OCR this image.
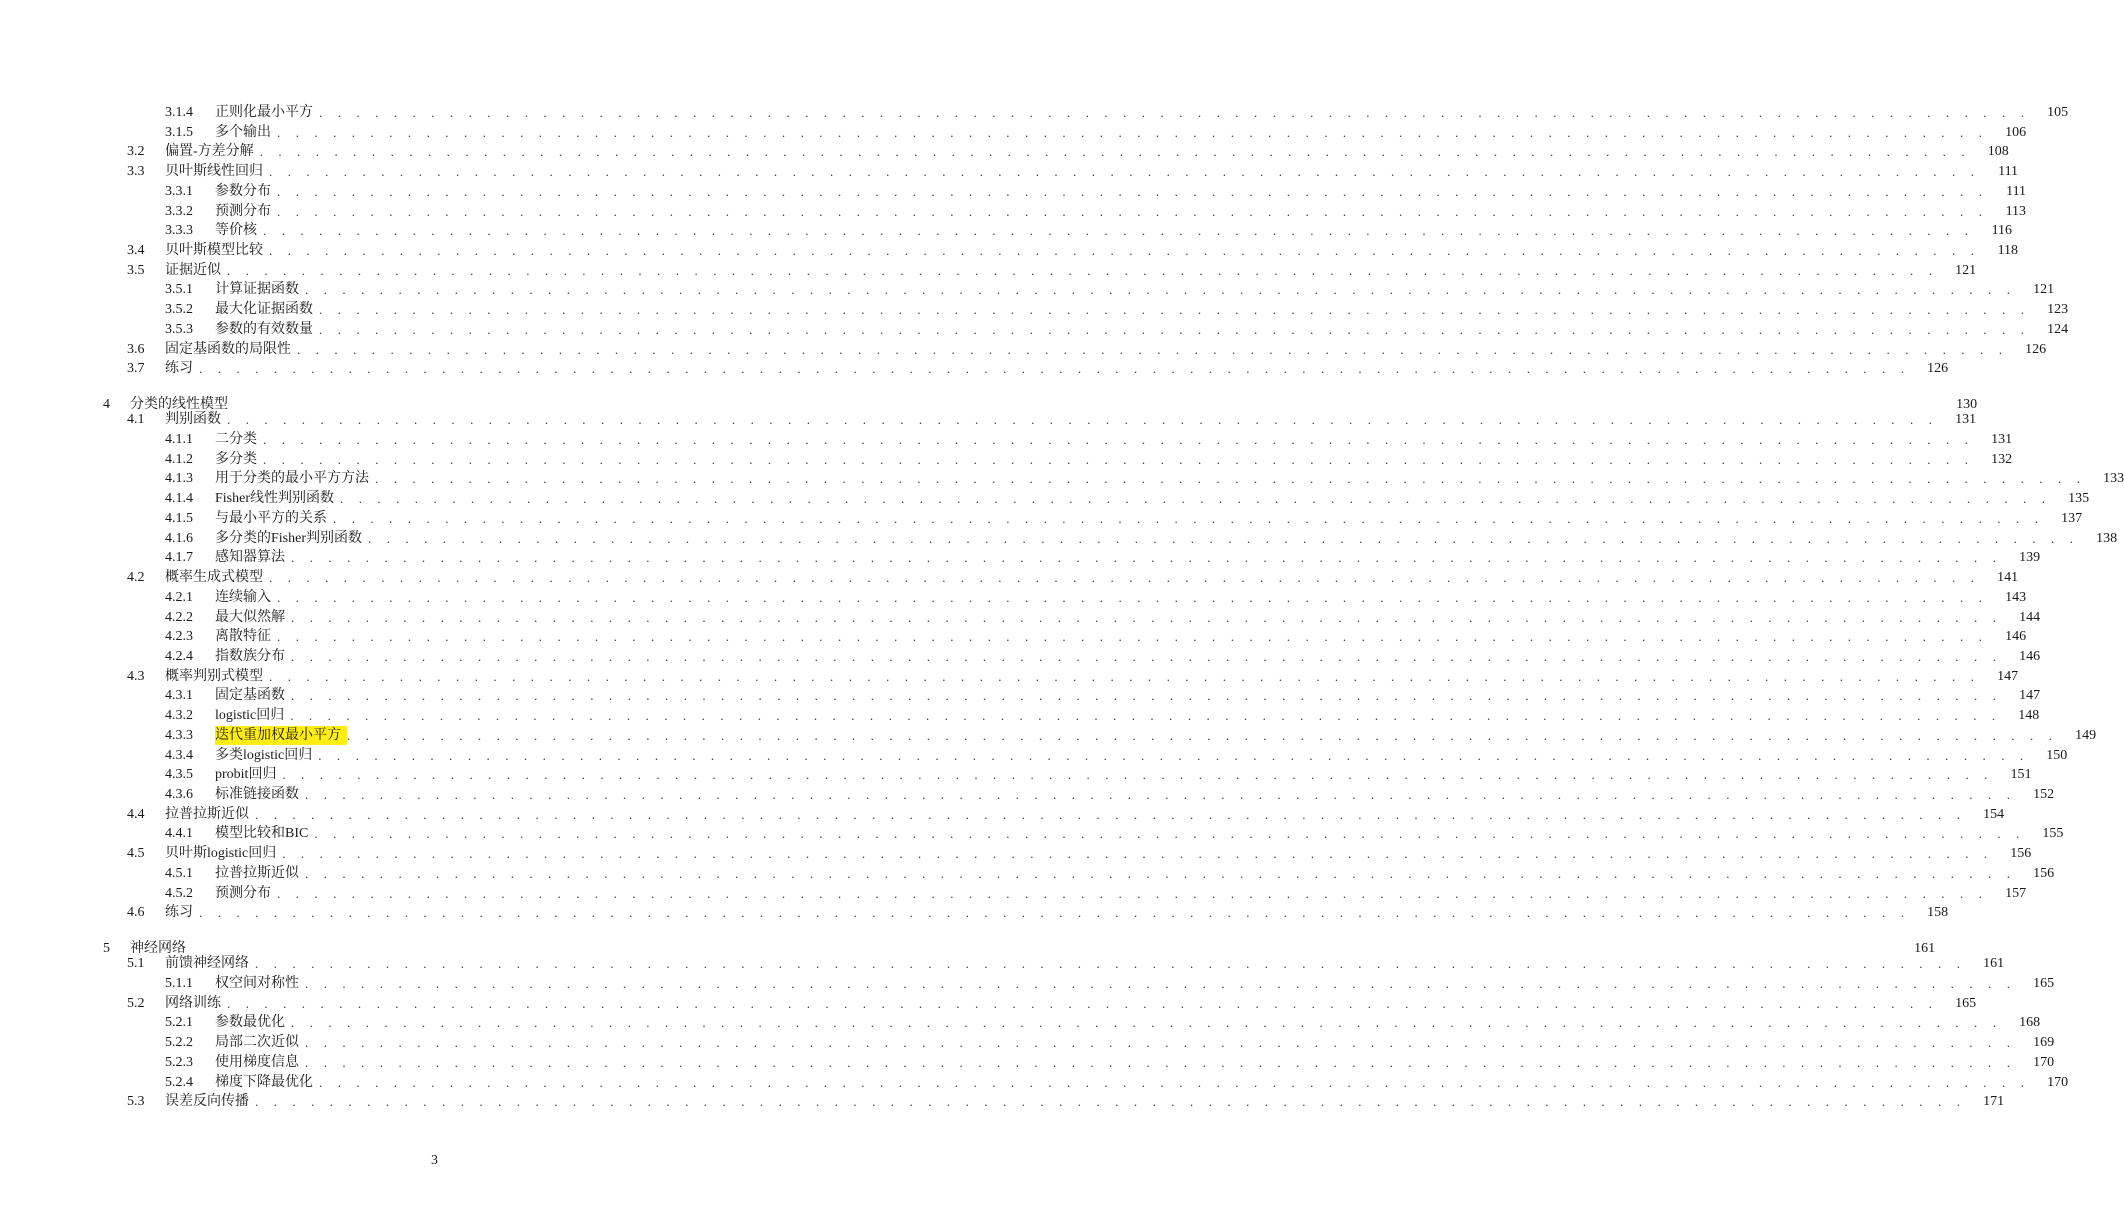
3.1.4	正则化最小平方 . . . . . . . . . . . . . . . . . . . . . . . . . . . . . . . . . . . . . . . . . . . . . . . . . . . . . . . . . . . . . . . . . . . . . . . . . . . . . . . . . . . . . . . . . . . .	105
3.1.5	多个输出 . . . . . . . . . . . . . . . . . . . . . . . . . . . . . . . . . . . . . . . . . . . . . . . . . . . . . . . . . . . . . . . . . . . . . . . . . . . . . . . . . . . . . . . . . . . .	106
3.2	偏置-方差分解 . . . . . . . . . . . . . . . . . . . . . . . . . . . . . . . . . . . . . . . . . . . . . . . . . . . . . . . . . . . . . . . . . . . . . . . . . . . . . . . . . . . . . . . . . . . .	108
3.3	贝叶斯线性回归 . . . . . . . . . . . . . . . . . . . . . . . . . . . . . . . . . . . . . . . . . . . . . . . . . . . . . . . . . . . . . . . . . . . . . . . . . . . . . . . . . . . . . . . . . . . .	111
3.3.1	参数分布 . . . . . . . . . . . . . . . . . . . . . . . . . . . . . . . . . . . . . . . . . . . . . . . . . . . . . . . . . . . . . . . . . . . . . . . . . . . . . . . . . . . . . . . . . . . .	111
3.3.2	预测分布 . . . . . . . . . . . . . . . . . . . . . . . . . . . . . . . . . . . . . . . . . . . . . . . . . . . . . . . . . . . . . . . . . . . . . . . . . . . . . . . . . . . . . . . . . . . .	113
3.3.3	等价核 . . . . . . . . . . . . . . . . . . . . . . . . . . . . . . . . . . . . . . . . . . . . . . . . . . . . . . . . . . . . . . . . . . . . . . . . . . . . . . . . . . . . . . . . . . . .	116
3.4	贝叶斯模型比较 . . . . . . . . . . . . . . . . . . . . . . . . . . . . . . . . . . . . . . . . . . . . . . . . . . . . . . . . . . . . . . . . . . . . . . . . . . . . . . . . . . . . . . . . . . . .	118
3.5	证据近似 . . . . . . . . . . . . . . . . . . . . . . . . . . . . . . . . . . . . . . . . . . . . . . . . . . . . . . . . . . . . . . . . . . . . . . . . . . . . . . . . . . . . . . . . . . . .	121
3.5.1	计算证据函数 . . . . . . . . . . . . . . . . . . . . . . . . . . . . . . . . . . . . . . . . . . . . . . . . . . . . . . . . . . . . . . . . . . . . . . . . . . . . . . . . . . . . . . . . . . . .	121
3.5.2	最大化证据函数 . . . . . . . . . . . . . . . . . . . . . . . . . . . . . . . . . . . . . . . . . . . . . . . . . . . . . . . . . . . . . . . . . . . . . . . . . . . . . . . . . . . . . . . . . . . .	123
3.5.3	参数的有效数量 . . . . . . . . . . . . . . . . . . . . . . . . . . . . . . . . . . . . . . . . . . . . . . . . . . . . . . . . . . . . . . . . . . . . . . . . . . . . . . . . . . . . . . . . . . . .	124
3.6	固定基函数的局限性 . . . . . . . . . . . . . . . . . . . . . . . . . . . . . . . . . . . . . . . . . . . . . . . . . . . . . . . . . . . . . . . . . . . . . . . . . . . . . . . . . . . . . . . . . . . .	126
3.7	练习 . . . . . . . . . . . . . . . . . . . . . . . . . . . . . . . . . . . . . . . . . . . . . . . . . . . . . . . . . . . . . . . . . . . . . . . . . . . . . . . . . . . . . . . . . . . .	126
4	分类的线性模型	130
4.1	判别函数 . . . . . . . . . . . . . . . . . . . . . . . . . . . . . . . . . . . . . . . . . . . . . . . . . . . . . . . . . . . . . . . . . . . . . . . . . . . . . . . . . . . . . . . . . . . .	131
4.1.1	二分类 . . . . . . . . . . . . . . . . . . . . . . . . . . . . . . . . . . . . . . . . . . . . . . . . . . . . . . . . . . . . . . . . . . . . . . . . . . . . . . . . . . . . . . . . . . . .	131
4.1.2	多分类 . . . . . . . . . . . . . . . . . . . . . . . . . . . . . . . . . . . . . . . . . . . . . . . . . . . . . . . . . . . . . . . . . . . . . . . . . . . . . . . . . . . . . . . . . . . .	132
4.1.3	用于分类的最小平方方法 . . . . . . . . . . . . . . . . . . . . . . . . . . . . . . . . . . . . . . . . . . . . . . . . . . . . . . . . . . . . . . . . . . . . . . . . . . . . . . . . . . . . . . . . . . . .	133
4.1.4	Fisher线性判别函数 . . . . . . . . . . . . . . . . . . . . . . . . . . . . . . . . . . . . . . . . . . . . . . . . . . . . . . . . . . . . . . . . . . . . . . . . . . . . . . . . . . . . . . . . . . . .	135
4.1.5	与最小平方的关系 . . . . . . . . . . . . . . . . . . . . . . . . . . . . . . . . . . . . . . . . . . . . . . . . . . . . . . . . . . . . . . . . . . . . . . . . . . . . . . . . . . . . . . . . . . . .	137
4.1.6	多分类的Fisher判别函数 . . . . . . . . . . . . . . . . . . . . . . . . . . . . . . . . . . . . . . . . . . . . . . . . . . . . . . . . . . . . . . . . . . . . . . . . . . . . . . . . . . . . . . . . . . . .	138
4.1.7	感知器算法 . . . . . . . . . . . . . . . . . . . . . . . . . . . . . . . . . . . . . . . . . . . . . . . . . . . . . . . . . . . . . . . . . . . . . . . . . . . . . . . . . . . . . . . . . . . .	139
4.2	概率生成式模型 . . . . . . . . . . . . . . . . . . . . . . . . . . . . . . . . . . . . . . . . . . . . . . . . . . . . . . . . . . . . . . . . . . . . . . . . . . . . . . . . . . . . . . . . . . . .	141
4.2.1	连续输入 . . . . . . . . . . . . . . . . . . . . . . . . . . . . . . . . . . . . . . . . . . . . . . . . . . . . . . . . . . . . . . . . . . . . . . . . . . . . . . . . . . . . . . . . . . . .	143
4.2.2	最大似然解 . . . . . . . . . . . . . . . . . . . . . . . . . . . . . . . . . . . . . . . . . . . . . . . . . . . . . . . . . . . . . . . . . . . . . . . . . . . . . . . . . . . . . . . . . . . .	144
4.2.3	离散特征 . . . . . . . . . . . . . . . . . . . . . . . . . . . . . . . . . . . . . . . . . . . . . . . . . . . . . . . . . . . . . . . . . . . . . . . . . . . . . . . . . . . . . . . . . . . .	146
4.2.4	指数族分布 . . . . . . . . . . . . . . . . . . . . . . . . . . . . . . . . . . . . . . . . . . . . . . . . . . . . . . . . . . . . . . . . . . . . . . . . . . . . . . . . . . . . . . . . . . . .	146
4.3	概率判别式模型 . . . . . . . . . . . . . . . . . . . . . . . . . . . . . . . . . . . . . . . . . . . . . . . . . . . . . . . . . . . . . . . . . . . . . . . . . . . . . . . . . . . . . . . . . . . .	147
4.3.1	固定基函数 . . . . . . . . . . . . . . . . . . . . . . . . . . . . . . . . . . . . . . . . . . . . . . . . . . . . . . . . . . . . . . . . . . . . . . . . . . . . . . . . . . . . . . . . . . . .	147
4.3.2	logistic回归 . . . . . . . . . . . . . . . . . . . . . . . . . . . . . . . . . . . . . . . . . . . . . . . . . . . . . . . . . . . . . . . . . . . . . . . . . . . . . . . . . . . . . . . . . . . .	148
4.3.3	迭代重加权最小平方 . . . . . . . . . . . . . . . . . . . . . . . . . . . . . . . . . . . . . . . . . . . . . . . . . . . . . . . . . . . . . . . . . . . . . . . . . . . . . . . . . . . . . . . . . . . .	149
4.3.4	多类logistic回归 . . . . . . . . . . . . . . . . . . . . . . . . . . . . . . . . . . . . . . . . . . . . . . . . . . . . . . . . . . . . . . . . . . . . . . . . . . . . . . . . . . . . . . . . . . . .	150
4.3.5	probit回归 . . . . . . . . . . . . . . . . . . . . . . . . . . . . . . . . . . . . . . . . . . . . . . . . . . . . . . . . . . . . . . . . . . . . . . . . . . . . . . . . . . . . . . . . . . . .	151
4.3.6	标准链接函数 . . . . . . . . . . . . . . . . . . . . . . . . . . . . . . . . . . . . . . . . . . . . . . . . . . . . . . . . . . . . . . . . . . . . . . . . . . . . . . . . . . . . . . . . . . . .	152
4.4	拉普拉斯近似 . . . . . . . . . . . . . . . . . . . . . . . . . . . . . . . . . . . . . . . . . . . . . . . . . . . . . . . . . . . . . . . . . . . . . . . . . . . . . . . . . . . . . . . . . . . .	154
4.4.1	模型比较和BIC . . . . . . . . . . . . . . . . . . . . . . . . . . . . . . . . . . . . . . . . . . . . . . . . . . . . . . . . . . . . . . . . . . . . . . . . . . . . . . . . . . . . . . . . . . . .	155
4.5	贝叶斯logistic回归 . . . . . . . . . . . . . . . . . . . . . . . . . . . . . . . . . . . . . . . . . . . . . . . . . . . . . . . . . . . . . . . . . . . . . . . . . . . . . . . . . . . . . . . . . . . .	156
4.5.1	拉普拉斯近似 . . . . . . . . . . . . . . . . . . . . . . . . . . . . . . . . . . . . . . . . . . . . . . . . . . . . . . . . . . . . . . . . . . . . . . . . . . . . . . . . . . . . . . . . . . . .	156
4.5.2	预测分布 . . . . . . . . . . . . . . . . . . . . . . . . . . . . . . . . . . . . . . . . . . . . . . . . . . . . . . . . . . . . . . . . . . . . . . . . . . . . . . . . . . . . . . . . . . . .	157
4.6	练习 . . . . . . . . . . . . . . . . . . . . . . . . . . . . . . . . . . . . . . . . . . . . . . . . . . . . . . . . . . . . . . . . . . . . . . . . . . . . . . . . . . . . . . . . . . . .	158
5	神经网络	161
5.1	前馈神经网络 . . . . . . . . . . . . . . . . . . . . . . . . . . . . . . . . . . . . . . . . . . . . . . . . . . . . . . . . . . . . . . . . . . . . . . . . . . . . . . . . . . . . . . . . . . . .	161
5.1.1	权空间对称性 . . . . . . . . . . . . . . . . . . . . . . . . . . . . . . . . . . . . . . . . . . . . . . . . . . . . . . . . . . . . . . . . . . . . . . . . . . . . . . . . . . . . . . . . . . . .	165
5.2	网络训练 . . . . . . . . . . . . . . . . . . . . . . . . . . . . . . . . . . . . . . . . . . . . . . . . . . . . . . . . . . . . . . . . . . . . . . . . . . . . . . . . . . . . . . . . . . . .	165
5.2.1	参数最优化 . . . . . . . . . . . . . . . . . . . . . . . . . . . . . . . . . . . . . . . . . . . . . . . . . . . . . . . . . . . . . . . . . . . . . . . . . . . . . . . . . . . . . . . . . . . .	168
5.2.2	局部二次近似 . . . . . . . . . . . . . . . . . . . . . . . . . . . . . . . . . . . . . . . . . . . . . . . . . . . . . . . . . . . . . . . . . . . . . . . . . . . . . . . . . . . . . . . . . . . .	169
5.2.3	使用梯度信息 . . . . . . . . . . . . . . . . . . . . . . . . . . . . . . . . . . . . . . . . . . . . . . . . . . . . . . . . . . . . . . . . . . . . . . . . . . . . . . . . . . . . . . . . . . . .	170
5.2.4	梯度下降最优化 . . . . . . . . . . . . . . . . . . . . . . . . . . . . . . . . . . . . . . . . . . . . . . . . . . . . . . . . . . . . . . . . . . . . . . . . . . . . . . . . . . . . . . . . . . . .	170
5.3	误差反向传播 . . . . . . . . . . . . . . . . . . . . . . . . . . . . . . . . . . . . . . . . . . . . . . . . . . . . . . . . . . . . . . . . . . . . . . . . . . . . . . . . . . . . . . . . . . . .	171
3
